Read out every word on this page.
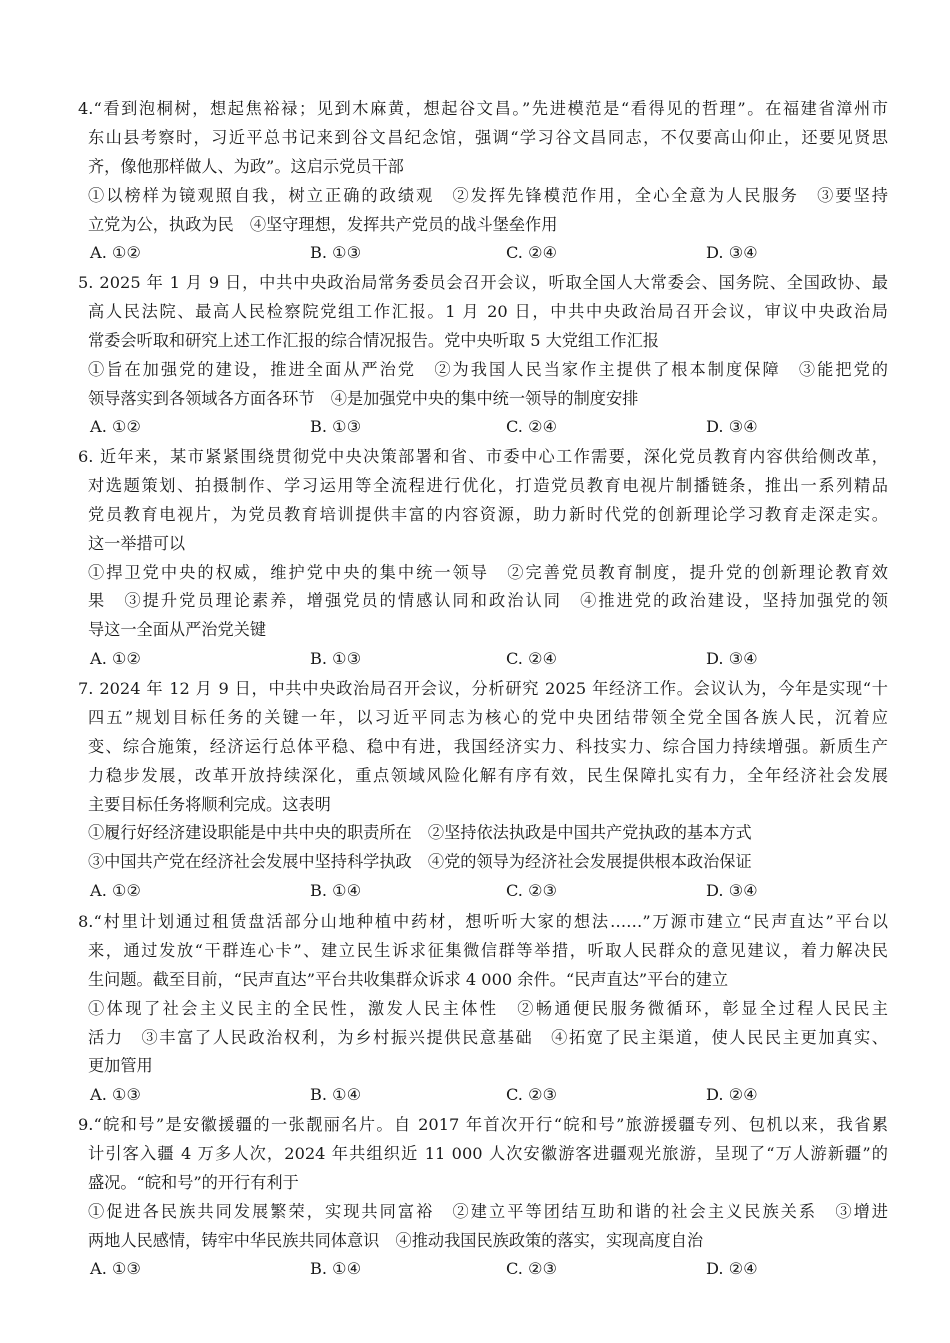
4.“看到泡桐树，想起焦裕禄；见到木麻黄，想起谷文昌。”先进模范是“看得见的哲理”。在福建省漳州市
东山县考察时，习近平总书记来到谷文昌纪念馆，强调“学习谷文昌同志，不仅要高山仰止，还要见贤思
齐，像他那样做人、为政”。这启示党员干部
①以榜样为镜观照自我，树立正确的政绩观　②发挥先锋模范作用，全心全意为人民服务　③要坚持
立党为公，执政为民　④坚守理想，发挥共产党员的战斗堡垒作用
A. ①②	B. ①③	C. ②④	D. ③④
5. 2025 年 1 月 9 日，中共中央政治局常务委员会召开会议，听取全国人大常委会、国务院、全国政协、最
高人民法院、最高人民检察院党组工作汇报。1 月 20 日，中共中央政治局召开会议，审议中央政治局
常委会听取和研究上述工作汇报的综合情况报告。党中央听取 5 大党组工作汇报
①旨在加强党的建设，推进全面从严治党　②为我国人民当家作主提供了根本制度保障　③能把党的
领导落实到各领域各方面各环节　④是加强党中央的集中统一领导的制度安排
A. ①②	B. ①③	C. ②④	D. ③④
6. 近年来，某市紧紧围绕贯彻党中央决策部署和省、市委中心工作需要，深化党员教育内容供给侧改革，
对选题策划、拍摄制作、学习运用等全流程进行优化，打造党员教育电视片制播链条，推出一系列精品
党员教育电视片，为党员教育培训提供丰富的内容资源，助力新时代党的创新理论学习教育走深走实。
这一举措可以
①捍卫党中央的权威，维护党中央的集中统一领导　②完善党员教育制度，提升党的创新理论教育效
果　③提升党员理论素养，增强党员的情感认同和政治认同　④推进党的政治建设，坚持加强党的领
导这一全面从严治党关键
A. ①②	B. ①③	C. ②④	D. ③④
7. 2024 年 12 月 9 日，中共中央政治局召开会议，分析研究 2025 年经济工作。会议认为，今年是实现“十
四五”规划目标任务的关键一年，以习近平同志为核心的党中央团结带领全党全国各族人民，沉着应
变、综合施策，经济运行总体平稳、稳中有进，我国经济实力、科技实力、综合国力持续增强。新质生产
力稳步发展，改革开放持续深化，重点领域风险化解有序有效，民生保障扎实有力，全年经济社会发展
主要目标任务将顺利完成。这表明
①履行好经济建设职能是中共中央的职责所在　②坚持依法执政是中国共产党执政的基本方式
③中国共产党在经济社会发展中坚持科学执政　④党的领导为经济社会发展提供根本政治保证
A. ①②	B. ①④	C. ②③	D. ③④
8.“村里计划通过租赁盘活部分山地种植中药材，想听听大家的想法……”万源市建立“民声直达”平台以
来，通过发放“干群连心卡”、建立民生诉求征集微信群等举措，听取人民群众的意见建议，着力解决民
生问题。截至目前，“民声直达”平台共收集群众诉求 4 000 余件。“民声直达”平台的建立
①体现了社会主义民主的全民性，激发人民主体性　②畅通便民服务微循环，彰显全过程人民民主
活力　③丰富了人民政治权利，为乡村振兴提供民意基础　④拓宽了民主渠道，使人民民主更加真实、
更加管用
A. ①③	B. ①④	C. ②③	D. ②④
9.“皖和号”是安徽援疆的一张靓丽名片。自 2017 年首次开行“皖和号”旅游援疆专列、包机以来，我省累
计引客入疆 4 万多人次，2024 年共组织近 11 000 人次安徽游客进疆观光旅游，呈现了“万人游新疆”的
盛况。“皖和号”的开行有利于
①促进各民族共同发展繁荣，实现共同富裕　②建立平等团结互助和谐的社会主义民族关系　③增进
两地人民感情，铸牢中华民族共同体意识　④推动我国民族政策的落实，实现高度自治
A. ①③	B. ①④	C. ②③	D. ②④
